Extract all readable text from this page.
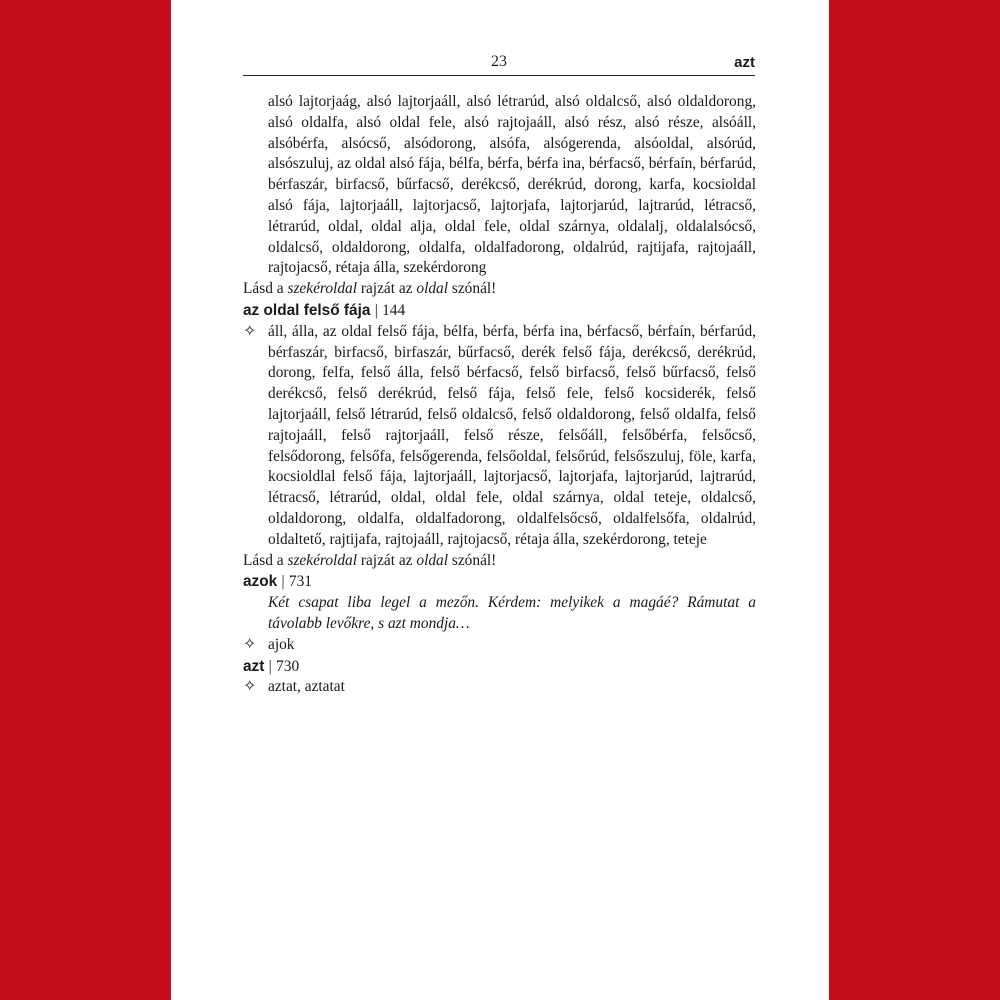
23	azt
alsó lajtorjaág, alsó lajtorjaáll, alsó létrarúd, alsó oldalcső, alsó oldaldorong, alsó oldalfa, alsó oldal fele, alsó rajtojaáll, alsó rész, alsó része, alsóáll, alsóbérfa, alsócső, alsódorong, alsófa, alsógerenda, alsóoldal, alsórúd, alsószuluj, az oldal alsó fája, bélfa, bérfa, bérfa ina, bérfacső, bérfaín, bérfarúd, bérfaszár, birfacső, bűrfacső, derékcső, derékrúd, dorong, karfa, kocsioldal alsó fája, lajtorjaáll, lajtorjacső, lajtorjafa, lajtorjarúd, lajtrarúd, létracső, létrarúd, oldal, oldal alja, oldal fele, oldal szárnya, oldalalj, oldalalsócső, oldalcső, oldaldorong, oldalfa, oldalfadorong, oldalrúd, rajtijafa, rajtojaáll, rajtojacső, rétaja álla, szekérdorong
Lásd a szekéroldal rajzát az oldal szónál!
az oldal felső fája | 144
✧ áll, álla, az oldal felső fája, bélfa, bérfa, bérfa ina, bérfacső, bérfaín, bérfarúd, bérfaszár, birfacső, birfaszár, bűrfacső, derék felső fája, derékcső, derékrúd, dorong, felfa, felső álla, felső bérfacső, felső birfacső, felső bűrfacső, felső derékcső, felső derékrúd, felső fája, felső fele, felső kocsiderék, felső lajtorjaáll, felső létrarúd, felső oldalcső, felső oldaldorong, felső oldalfa, felső rajtojaáll, felső rajtorjaáll, felső része, felsőáll, felsőbérfa, felsőcső, felsődorong, felsőfa, felsőgerenda, felsőoldal, felsőrúd, felsőszuluj, föle, karfa, kocsioldlal felső fája, lajtorjaáll, lajtorjacső, lajtorjafa, lajtorjarúd, lajtrarúd, létracső, létrarúd, oldal, oldal fele, oldal szárnya, oldal teteje, oldalcső, oldaldorong, oldalfa, oldalfadorong, oldalfelsőcső, oldalfelsőfa, oldalrúd, oldaltető, rajtijafa, rajtojaáll, rajtojacső, rétaja álla, szekérdorong, teteje
Lásd a szekéroldal rajzát az oldal szónál!
azok | 731
Két csapat liba legel a mezőn. Kérdem: melyikek a magáé? Rámutat a távolabb levőkre, s azt mondja…
✧ ajok
azt | 730
✧ aztat, aztatat
